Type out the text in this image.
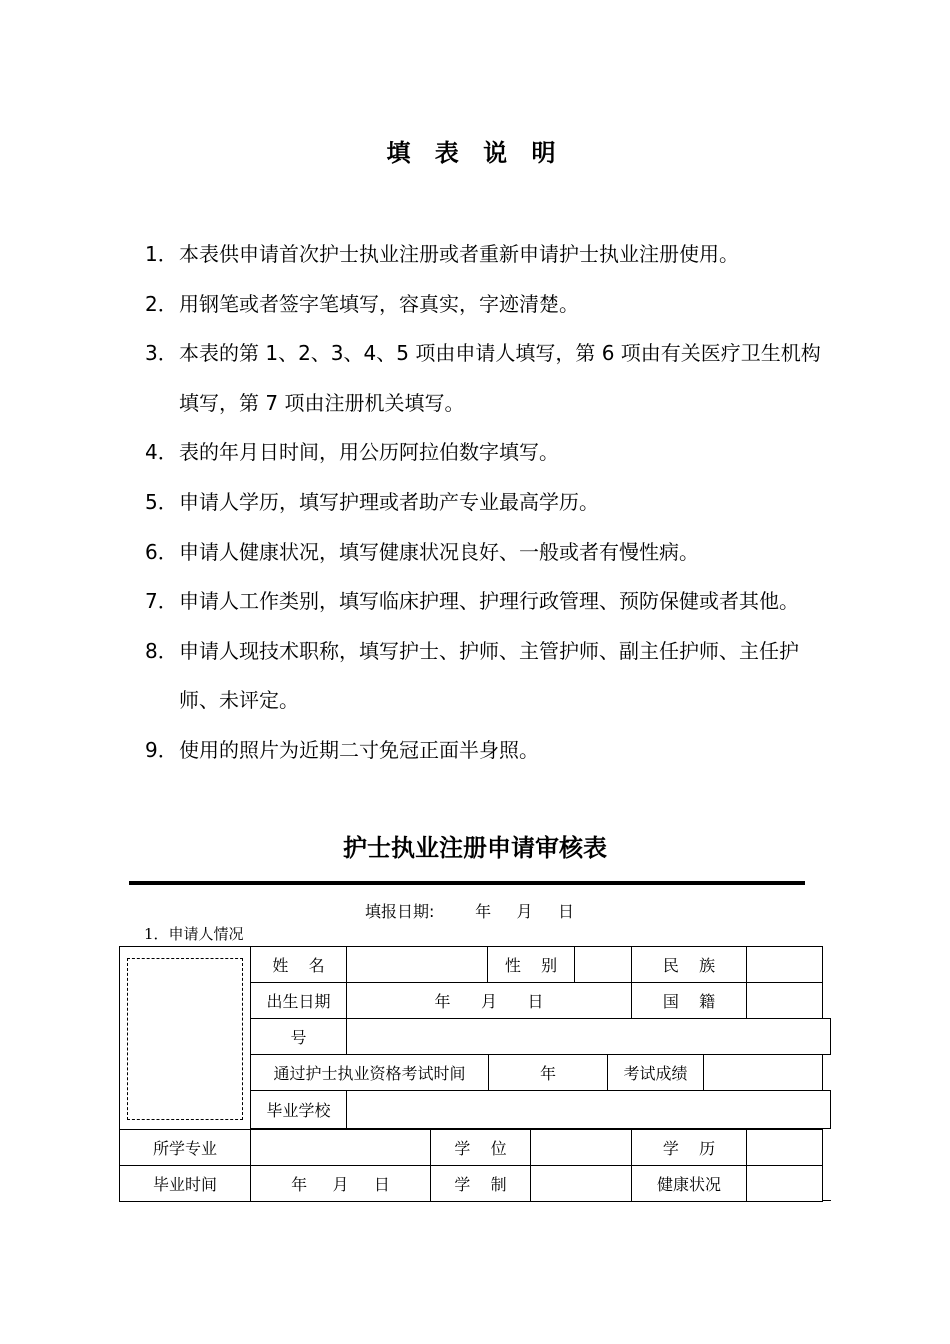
填 表 说 明
1． 本表供申请首次护士执业注册或者重新申请护士执业注册使用。
2． 用钢笔或者签字笔填写，容真实，字迹清楚。
3． 本表的第 1、2、3、4、5 项由申请人填写，第 6 项由有关医疗卫生机构填写，第 7 项由注册机关填写。
4． 表的年月日时间，用公历阿拉伯数字填写。
5． 申请人学历，填写护理或者助产专业最高学历。
6． 申请人健康状况，填写健康状况良好、一般或者有慢性病。
7． 申请人工作类别，填写临床护理、护理行政管理、预防保健或者其他。
8． 申请人现技术职称，填写护士、护师、主管护师、副主任护师、主任护师、未评定。
9． 使用的照片为近期二寸免冠正面半身照。
护士执业注册申请审核表
填报日期:        年     月     日
1．申请人情况
姓    名	性    别	民    族
出生日期	年      月      日	国    籍
号
通过护士执业资格考试时间	年	考试成绩
毕业学校
所学专业	学    位	学    历
毕业时间	年     月     日	学    制	健康状况
